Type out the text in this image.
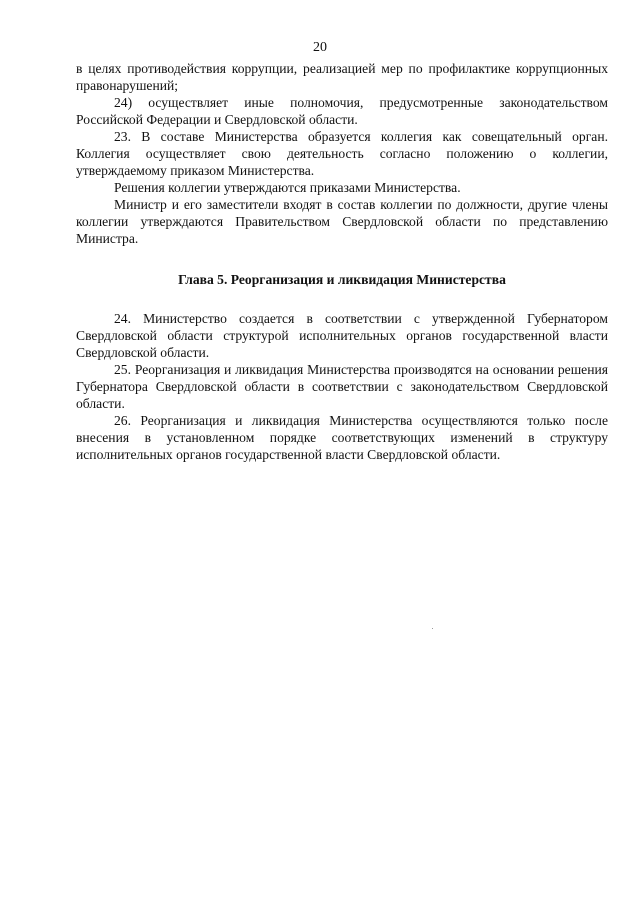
20

в целях противодействия коррупции, реализацией мер по профилактике коррупционных правонарушений;

24) осуществляет иные полномочия, предусмотренные законодательством Российской Федерации и Свердловской области.

23. В составе Министерства образуется коллегия как совещательный орган. Коллегия осуществляет свою деятельность согласно положению о коллегии, утверждаемому приказом Министерства.

Решения коллегии утверждаются приказами Министерства.

Министр и его заместители входят в состав коллегии по должности, другие члены коллегии утверждаются Правительством Свердловской области по представлению Министра.

Глава 5. Реорганизация и ликвидация Министерства

24. Министерство создается в соответствии с утвержденной Губернатором Свердловской области структурой исполнительных органов государственной власти Свердловской области.

25. Реорганизация и ликвидация Министерства производятся на основании решения Губернатора Свердловской области в соответствии с законодательством Свердловской области.

26. Реорганизация и ликвидация Министерства осуществляются только после внесения в установленном порядке соответствующих изменений в структуру исполнительных органов государственной власти Свердловской области.
